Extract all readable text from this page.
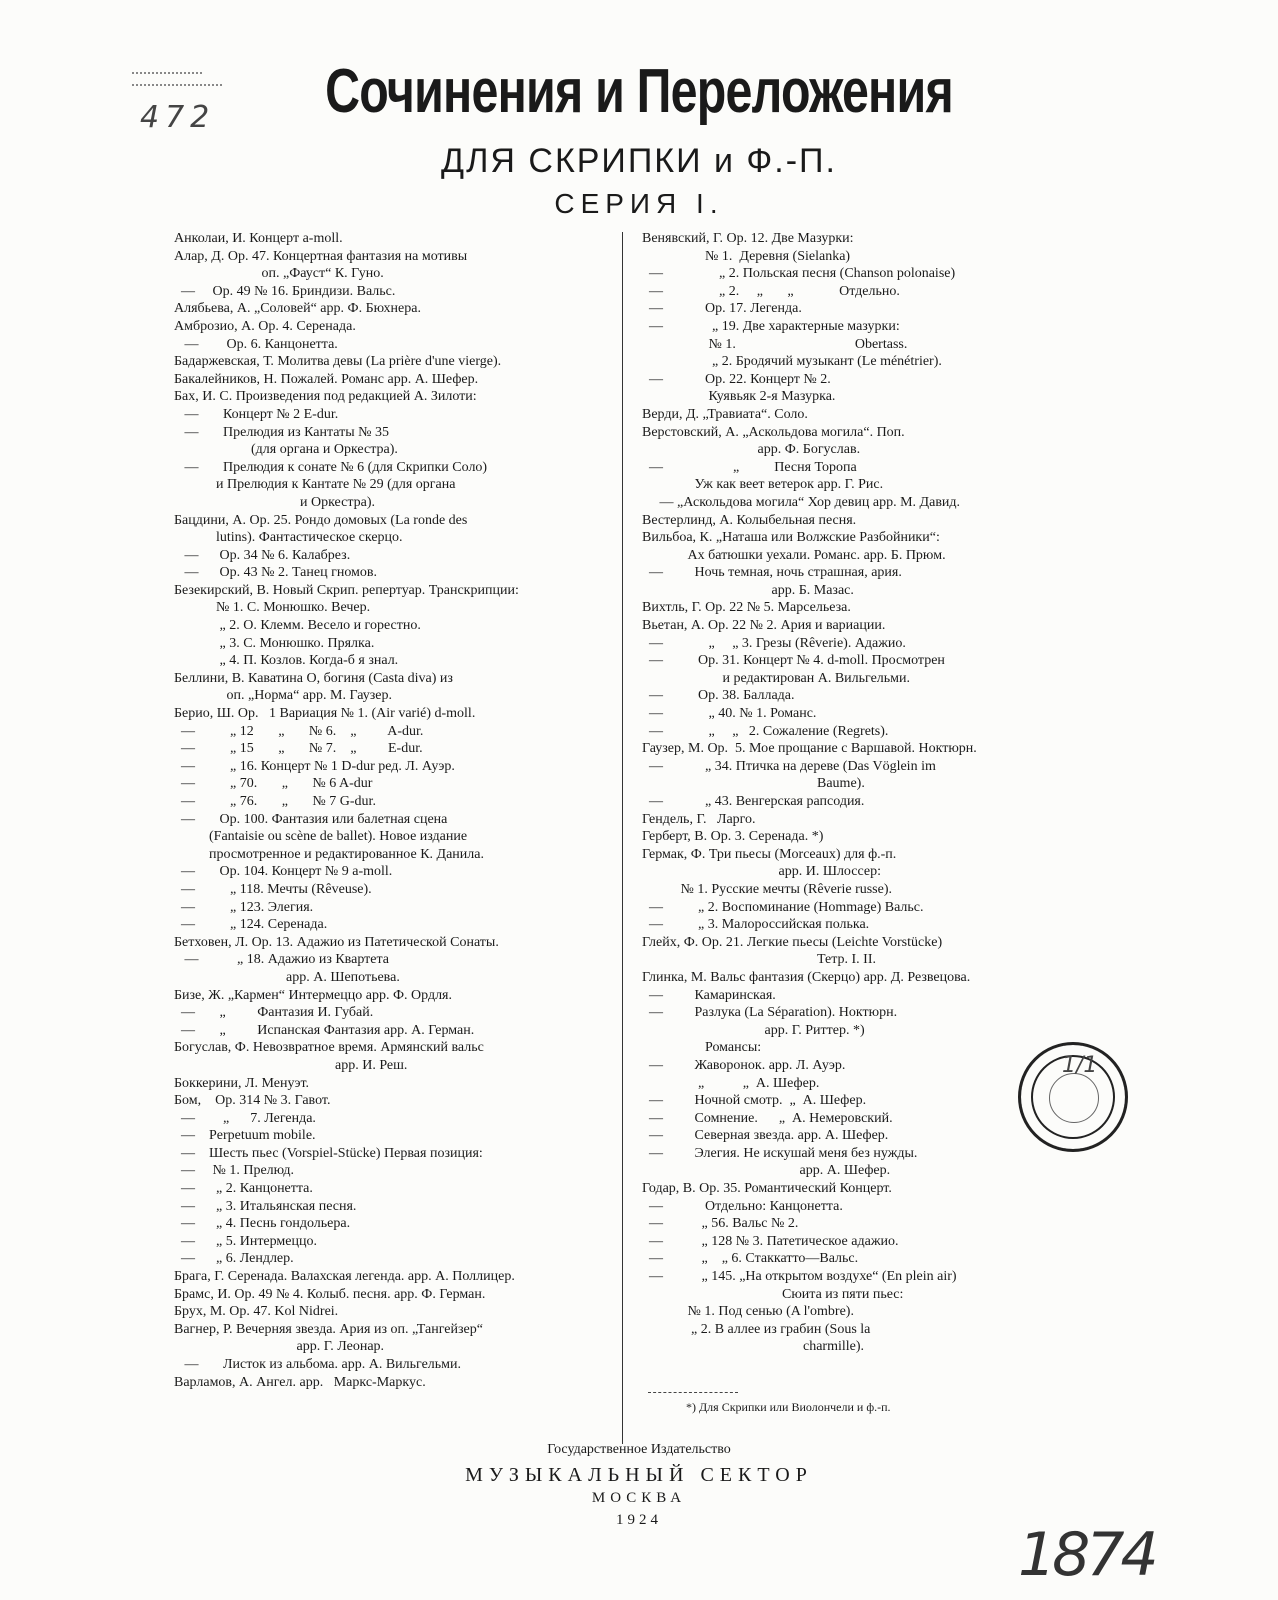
472	Сочинения и Переложения
ДЛЯ СКРИПКИ и Ф.-П.
СЕРИЯ I.
Анколаи, И. Концерт a-moll.
Алар, Д. Ор. 47. Концертная фантазия на мотивы
оп. „Фауст“ К. Гуно.
—     Ор. 49 № 16. Бриндизи. Вальс.
Алябьева, А. „Соловей“ арр. Ф. Бюхнера.
Амброзио, А. Ор. 4. Серенада.
—        Ор. 6. Канцонетта.
Бадаржевская, Т. Молитва девы (La prière d'une vierge).
Бакалейников, Н. Пожалей. Романс арр. А. Шефер.
Бах, И. С. Произведения под редакцией А. Зилоти:
—       Концерт № 2 E-dur.
—       Прелюдия из Кантаты № 35
(для органа и Оркестра).
—       Прелюдия к сонате № 6 (для Скрипки Соло)
и Прелюдия к Кантате № 29 (для органа
и Оркестра).
Бацдини, А. Ор. 25. Рондо домовых (La ronde des
lutins). Фантастическое скерцо.
—      Ор. 34 № 6. Калабрез.
—      Ор. 43 № 2. Танец гномов.
Безекирский, В. Новый Скрип. репертуар. Транскрипции:
№ 1. С. Монюшко. Вечер.
„ 2. О. Клемм. Весело и горестно.
„ 3. С. Монюшко. Прялка.
„ 4. П. Козлов. Когда-б я знал.
Беллини, В. Каватина О, богиня (Casta diva) из
оп. „Норма“ арр. М. Гаузер.
Берио, Ш. Ор.   1 Вариация № 1. (Air varié) d-moll.
—          „ 12       „       № 6.    „         A-dur.
—          „ 15       „       № 7.    „         E-dur.
—          „ 16. Концерт № 1 D-dur ред. Л. Ауэр.
—          „ 70.       „       № 6 A-dur
—          „ 76.       „       № 7 G-dur.
—       Ор. 100. Фантазия или балетная сцена
(Fantaisie ou scène de ballet). Новое издание
просмотренное и редактированное К. Данила.
—       Ор. 104. Концерт № 9 a-moll.
—          „ 118. Мечты (Rêveuse).
—          „ 123. Элегия.
—          „ 124. Серенада.
Бетховен, Л. Ор. 13. Адажио из Патетической Сонаты.
—           „ 18. Адажио из Квартета
арр. А. Шепотьева.
Бизе, Ж. „Кармен“ Интермеццо арр. Ф. Ордля.
—       „         Фантазия И. Губай.
—       „         Испанская Фантазия арр. А. Герман.
Богуслав, Ф. Невозвратное время. Армянский вальс
арр. И. Реш.
Боккерини, Л. Менуэт.
Бом,    Ор. 314 № 3. Гавот.
—        „      7. Легенда.
—    Perpetuum mobile.
—    Шесть пьес (Vorspiel-Stücke) Первая позиция:
—     № 1. Прелюд.
—      „ 2. Канцонетта.
—      „ 3. Итальянская песня.
—      „ 4. Песнь гондольера.
—      „ 5. Интермеццо.
—      „ 6. Лендлер.
Брага, Г. Серенада. Валахская легенда. арр. А. Поллицер.
Брамс, И. Ор. 49 № 4. Колыб. песня. арр. Ф. Герман.
Брух, М. Ор. 47. Kol Nidrei.
Вагнер, Р. Вечерняя звезда. Ария из оп. „Тангейзер“
арр. Г. Леонар.
—       Листок из альбома. арр. А. Вильгельми.
Варламов, А. Ангел. арр.   Маркс-Маркус.
Венявский, Г. Ор. 12. Две Мазурки:
№ 1.  Деревня (Sielanka)
—                „ 2. Польская песня (Chanson polonaise)
—                „ 2.     „       „             Отдельно.
—            Ор. 17. Легенда.
—              „ 19. Две характерные мазурки:
№ 1.                                  Obertass.
„ 2. Бродячий музыкант (Le ménétrier).
—            Ор. 22. Концерт № 2.
Куявьяк 2-я Мазурка.
Верди, Д. „Травиата“. Соло.
Верстовский, А. „Аскольдова могила“. Поп.
арр. Ф. Богуслав.
—                    „          Песня Торопа
Уж как веет ветерок арр. Г. Рис.
— „Аскольдова могила“ Хор девиц арр. М. Давид.
Вестерлинд, А. Колыбельная песня.
Вильбоа, К. „Наташа или Волжские Разбойники“:
Ах батюшки уехали. Романс. арр. Б. Прюм.
—         Ночь темная, ночь страшная, ария.
арр. Б. Мазас.
Вихтль, Г. Ор. 22 № 5. Марсельеза.
Вьетан, А. Ор. 22 № 2. Ария и вариации.
—             „     „ 3. Грезы (Rêverie). Адажио.
—          Ор. 31. Концерт № 4. d-moll. Просмотрен
и редактирован А. Вильгельми.
—          Ор. 38. Баллада.
—             „ 40. № 1. Романс.
—             „     „   2. Сожаление (Regrets).
Гаузер, М. Ор.  5. Мое прощание с Варшавой. Ноктюрн.
—            „ 34. Птичка на дереве (Das Vöglein im
Baume).
—            „ 43. Венгерская рапсодия.
Гендель, Г.   Ларго.
Герберт, В. Ор. 3. Серенада. *)
Гермак, Ф. Три пьесы (Morceaux) для ф.-п.
арр. И. Шлоссер:
№ 1. Русские мечты (Rêverie russe).
—          „ 2. Воспоминание (Hommage) Вальс.
—          „ 3. Малороссийская полька.
Глейх, Ф. Ор. 21. Легкие пьесы (Leichte Vorstücke)
Тетр. I. II.
Глинка, М. Вальс фантазия (Скерцо) арр. Д. Резвецова.
—         Камаринская.
—         Разлука (La Séparation). Ноктюрн.
арр. Г. Риттер. *)
Романсы:
—         Жаворонок. арр. Л. Ауэр.
„           „  А. Шефер.
—         Ночной смотр.  „  А. Шефер.
—         Сомнение.      „  А. Немеровский.
—         Северная звезда. арр. А. Шефер.
—         Элегия. Не искушай меня без нужды.
арр. А. Шефер.
Годар, В. Ор. 35. Романтический Концерт.
—            Отдельно: Канцонетта.
—           „ 56. Вальс № 2.
—           „ 128 № 3. Патетическое адажио.
—           „    „ 6. Стаккатто—Вальс.
—           „ 145. „На открытом воздухе“ (En plein air)
Сюита из пяти пьес:
№ 1. Под сенью (A l'ombre).
„ 2. В аллее из грабин (Sous la
charmille).
1/1
*) Для Скрипки или Виолончели и ф.-п.
Государственное Издательство
МУЗЫКАЛЬНЫЙ СЕКТОР
МОСКВА
1924	1874
